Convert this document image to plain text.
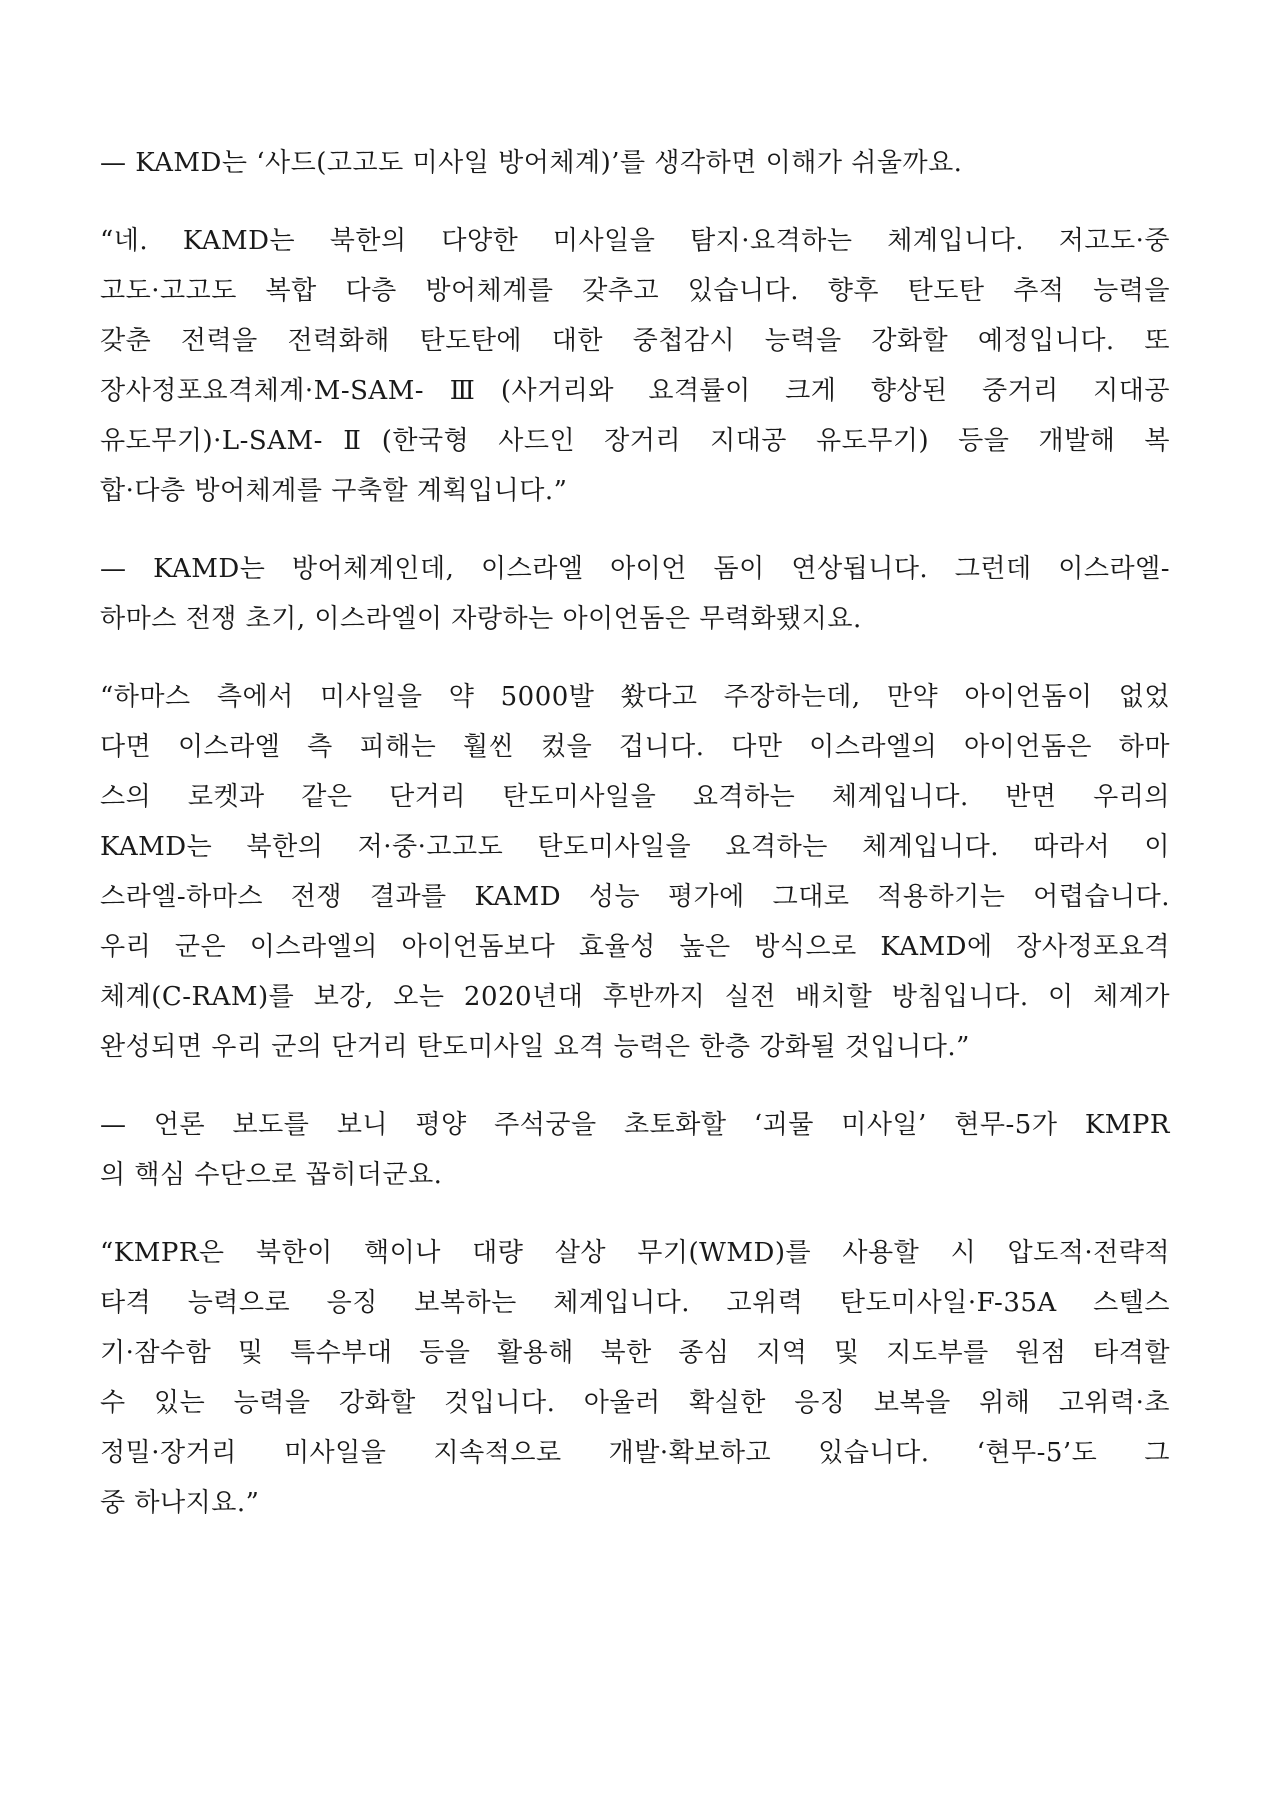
— KAMD는 ‘사드(고고도 미사일 방어체계)’를 생각하면 이해가 쉬울까요.
“네. KAMD는 북한의 다양한 미사일을 탐지·요격하는 체계입니다. 저고도·중
고도·고고도 복합 다층 방어체계를 갖추고 있습니다. 향후 탄도탄 추적 능력을
갖춘 전력을 전력화해 탄도탄에 대한 중첩감시 능력을 강화할 예정입니다. 또
장사정포요격체계·M-SAM-Ⅲ(사거리와 요격률이 크게 향상된 중거리 지대공
유도무기)·L-SAM-Ⅱ(한국형 사드인 장거리 지대공 유도무기) 등을 개발해 복
합·다층 방어체계를 구축할 계획입니다.”
— KAMD는 방어체계인데, 이스라엘 아이언 돔이 연상됩니다. 그런데 이스라엘-
하마스 전쟁 초기, 이스라엘이 자랑하는 아이언돔은 무력화됐지요.
“하마스 측에서 미사일을 약 5000발 쐈다고 주장하는데, 만약 아이언돔이 없었
다면 이스라엘 측 피해는 훨씬 컸을 겁니다. 다만 이스라엘의 아이언돔은 하마
스의 로켓과 같은 단거리 탄도미사일을 요격하는 체계입니다. 반면 우리의
KAMD는 북한의 저·중·고고도 탄도미사일을 요격하는 체계입니다. 따라서 이
스라엘-하마스 전쟁 결과를 KAMD 성능 평가에 그대로 적용하기는 어렵습니다.
우리 군은 이스라엘의 아이언돔보다 효율성 높은 방식으로 KAMD에 장사정포요격
체계(C-RAM)를 보강, 오는 2020년대 후반까지 실전 배치할 방침입니다. 이 체계가
완성되면 우리 군의 단거리 탄도미사일 요격 능력은 한층 강화될 것입니다.”
— 언론 보도를 보니 평양 주석궁을 초토화할 ‘괴물 미사일’ 현무-5가 KMPR
의 핵심 수단으로 꼽히더군요.
“KMPR은 북한이 핵이나 대량 살상 무기(WMD)를 사용할 시 압도적·전략적
타격 능력으로 응징 보복하는 체계입니다. 고위력 탄도미사일·F-35A 스텔스
기·잠수함 및 특수부대 등을 활용해 북한 종심 지역 및 지도부를 원점 타격할
수 있는 능력을 강화할 것입니다. 아울러 확실한 응징 보복을 위해 고위력·초
정밀·장거리 미사일을 지속적으로 개발·확보하고 있습니다. ‘현무-5’도 그
중 하나지요.”
